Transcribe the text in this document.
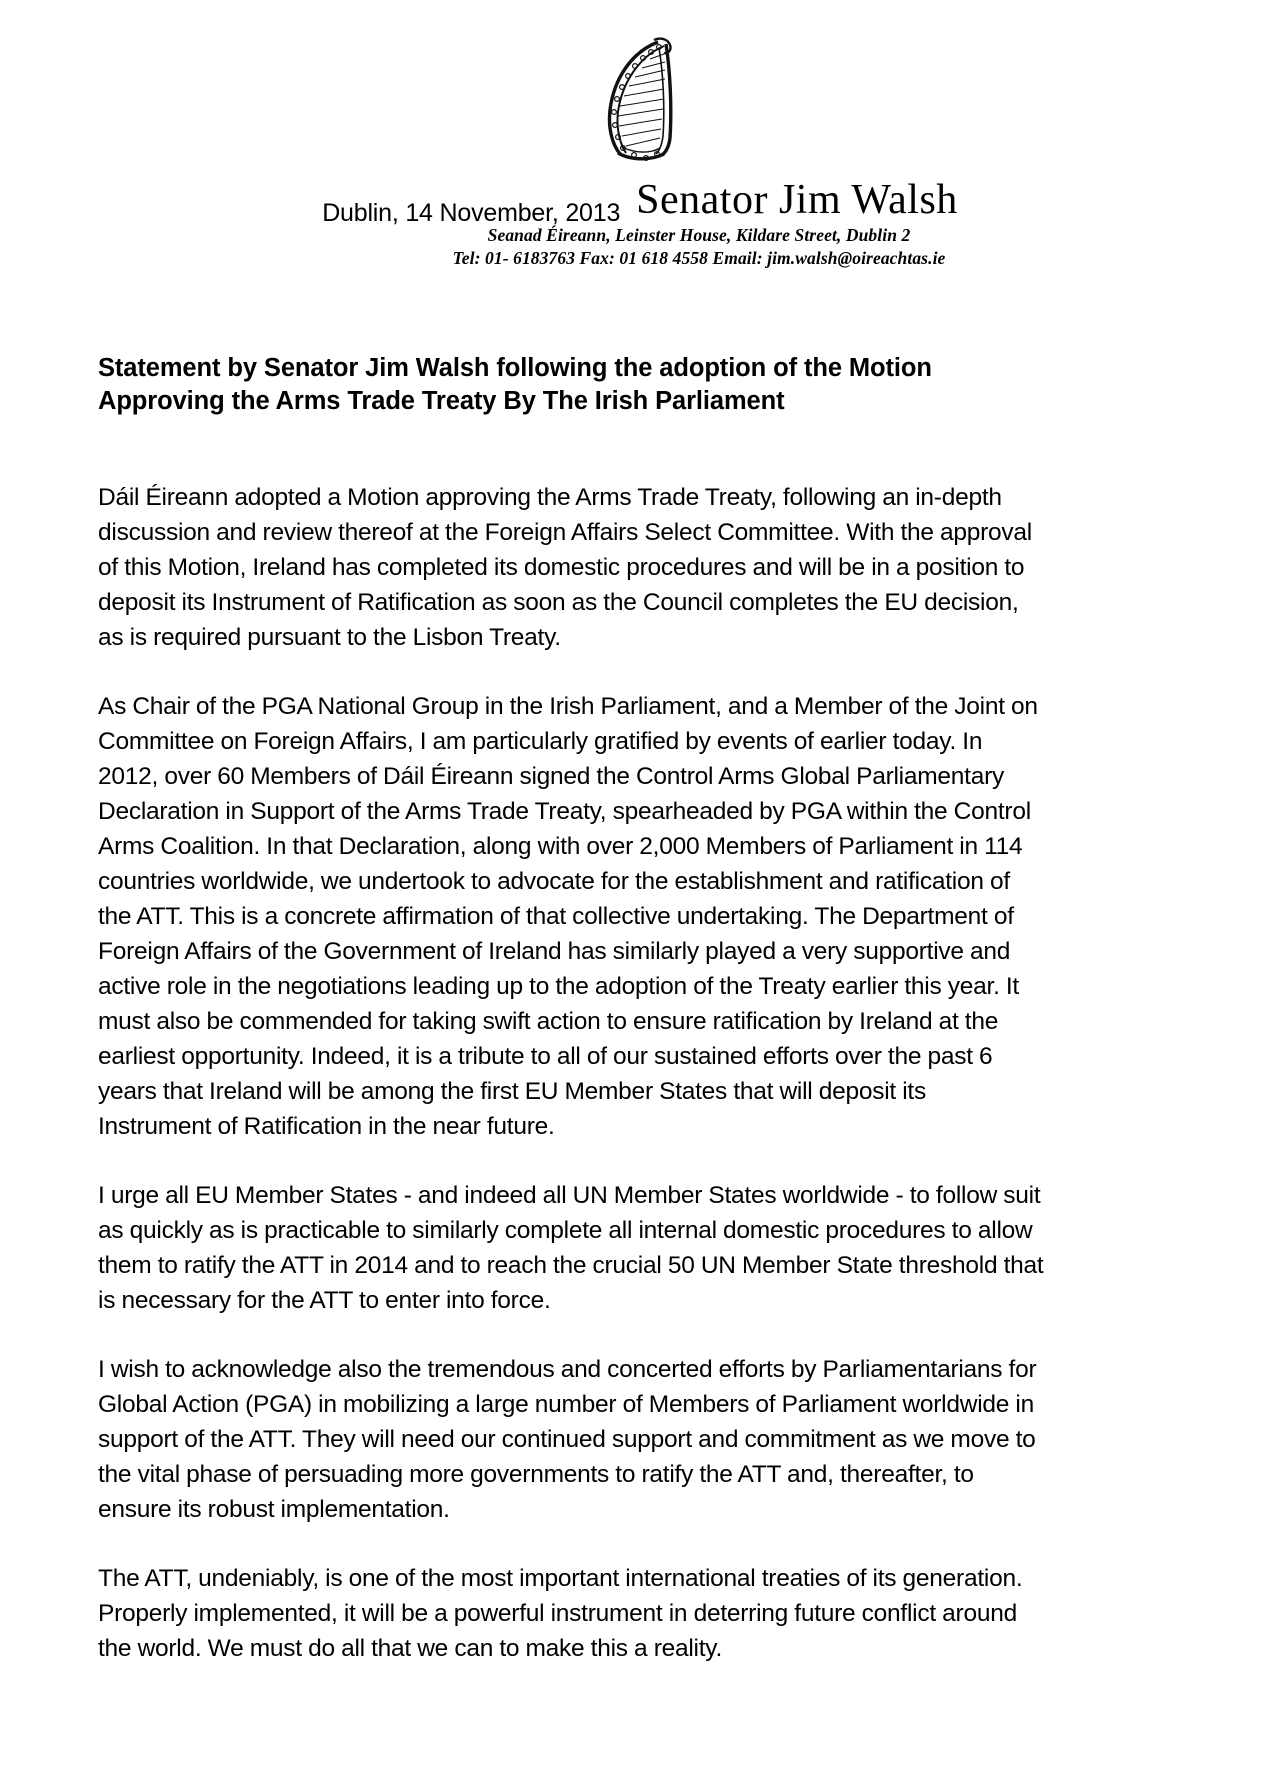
Dublin, 14 November, 2013 Senator Jim Walsh
Seanad Éireann, Leinster House, Kildare Street, Dublin 2
Tel: 01- 6183763 Fax: 01 618 4558 Email: jim.walsh@oireachtas.ie
Statement by Senator Jim Walsh following the adoption of the Motion Approving the Arms Trade Treaty By The Irish Parliament

Dáil Éireann adopted a Motion approving the Arms Trade Treaty, following an in-depth discussion and review thereof at the Foreign Affairs Select Committee. With the approval of this Motion, Ireland has completed its domestic procedures and will be in a position to deposit its Instrument of Ratification as soon as the Council completes the EU decision, as is required pursuant to the Lisbon Treaty.

As Chair of the PGA National Group in the Irish Parliament, and a Member of the Joint on Committee on Foreign Affairs, I am particularly gratified by events of earlier today. In 2012, over 60 Members of Dáil Éireann signed the Control Arms Global Parliamentary Declaration in Support of the Arms Trade Treaty, spearheaded by PGA within the Control Arms Coalition. In that Declaration, along with over 2,000 Members of Parliament in 114 countries worldwide, we undertook to advocate for the establishment and ratification of the ATT. This is a concrete affirmation of that collective undertaking. The Department of Foreign Affairs of the Government of Ireland has similarly played a very supportive and active role in the negotiations leading up to the adoption of the Treaty earlier this year. It must also be commended for taking swift action to ensure ratification by Ireland at the earliest opportunity. Indeed, it is a tribute to all of our sustained efforts over the past 6 years that Ireland will be among the first EU Member States that will deposit its Instrument of Ratification in the near future.

I urge all EU Member States - and indeed all UN Member States worldwide - to follow suit as quickly as is practicable to similarly complete all internal domestic procedures to allow them to ratify the ATT in 2014 and to reach the crucial 50 UN Member State threshold that is necessary for the ATT to enter into force.

I wish to acknowledge also the tremendous and concerted efforts by Parliamentarians for Global Action (PGA) in mobilizing a large number of Members of Parliament worldwide in support of the ATT. They will need our continued support and commitment as we move to the vital phase of persuading more governments to ratify the ATT and, thereafter, to ensure its robust implementation.

The ATT, undeniably, is one of the most important international treaties of its generation. Properly implemented, it will be a powerful instrument in deterring future conflict around the world. We must do all that we can to make this a reality.
